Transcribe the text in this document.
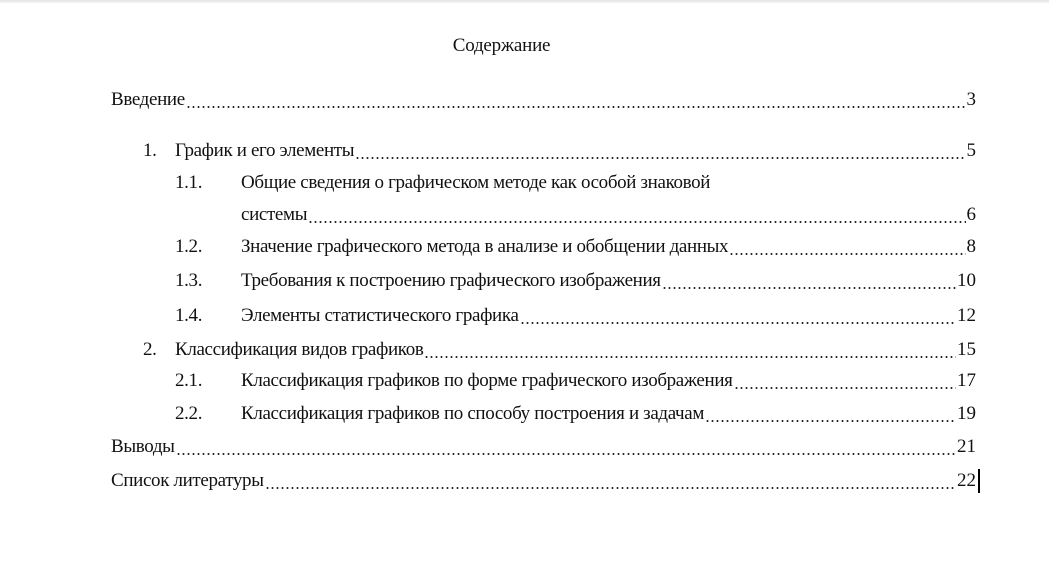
Содержание
Введение	3
1. График и его элементы	5
1.1. Общие сведения о графическом методе как особой знаковой
системы	6
1.2.	Значение графического метода в анализе и обобщении данных	8
1.3.	Требования к построению графического изображения	10
1.4.	Элементы статистического графика	12
2. Классификация видов графиков	15
2.1.	Классификация графиков по форме графического изображения	17
2.2.	Классификация графиков по способу построения и задачам	19
Выводы	21
Список литературы	22
